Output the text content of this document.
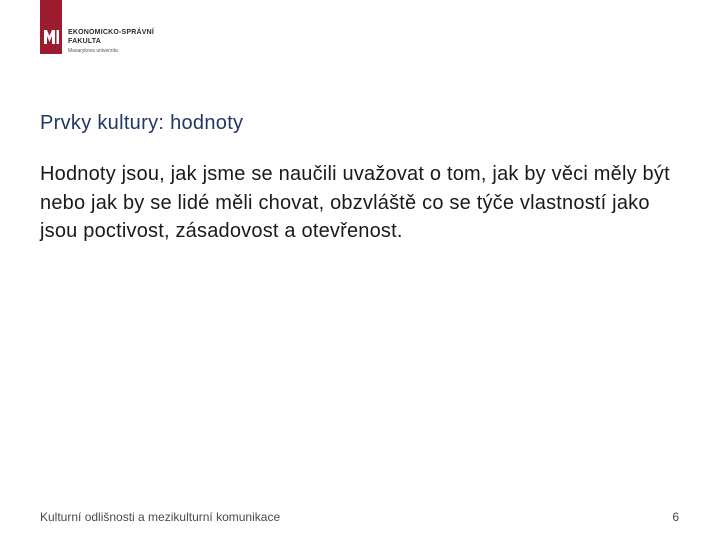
EKONOMICKO-SPRÁVNÍ
FAKULTA
Masarykova univerzita
Prvky kultury: hodnoty

Hodnoty jsou, jak jsme se naučili uvažovat o tom, jak by věci měly být nebo jak by se lidé měli chovat, obzvláště co se týče vlastností jako jsou poctivost, zásadovost a otevřenost.

Kulturní odlišnosti a mezikulturní komunikace	6
